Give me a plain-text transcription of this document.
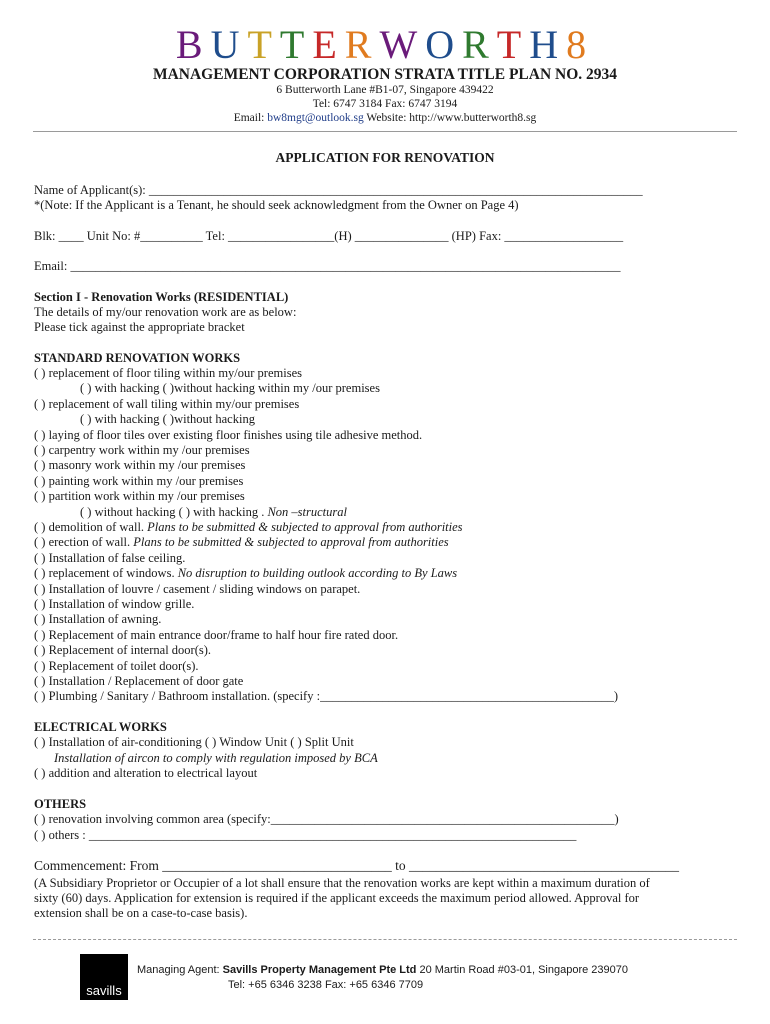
BUTTERWORTH8
MANAGEMENT CORPORATION STRATA TITLE PLAN NO. 2934
6 Butterworth Lane #B1-07, Singapore 439422
Tel: 6747 3184 Fax: 6747 3194
Email: bw8mgt@outlook.sg Website: http://www.butterworth8.sg
APPLICATION FOR RENOVATION
Name of Applicant(s): _______________________________________________________________________________
*(Note: If the Applicant is a Tenant, he should seek acknowledgment from the Owner on Page 4)
Blk: ____ Unit No: #__________ Tel: _________________(H) _______________ (HP) Fax: ___________________
Email: ________________________________________________________________________________________
Section I - Renovation Works (RESIDENTIAL)
The details of my/our renovation work are as below:
Please tick against the appropriate bracket
STANDARD RENOVATION WORKS
( ) replacement of floor tiling within my/our premises
( ) with hacking ( )without hacking within my /our premises
( ) replacement of wall tiling within my/our premises
( ) with hacking ( )without hacking
( ) laying of floor tiles over existing floor finishes using tile adhesive method.
( ) carpentry work within my /our premises
( ) masonry work within my /our premises
( ) painting work within my /our premises
( ) partition work within my /our premises
( ) without hacking ( ) with hacking . Non –structural
( ) demolition of wall. Plans to be submitted & subjected to approval from authorities
( ) erection of wall. Plans to be submitted & subjected to approval from authorities
( ) Installation of false ceiling.
( ) replacement of windows. No disruption to building outlook according to By Laws
( ) Installation of louvre / casement / sliding windows on parapet.
( ) Installation of window grille.
( ) Installation of awning.
( ) Replacement of main entrance door/frame to half hour fire rated door.
( ) Replacement of internal door(s).
( ) Replacement of toilet door(s).
( ) Installation / Replacement of door gate
( ) Plumbing / Sanitary / Bathroom installation. (specify :_______________________________________________)
ELECTRICAL WORKS
( ) Installation of air-conditioning ( ) Window Unit ( ) Split Unit
Installation of aircon to comply with regulation imposed by BCA
( ) addition and alteration to electrical layout
OTHERS
( ) renovation involving common area (specify:_______________________________________________________)
( ) others : ______________________________________________________________________________
Commencement: From __________________________________ to ________________________________________
(A Subsidiary Proprietor or Occupier of a lot shall ensure that the renovation works are kept within a maximum duration of
sixty (60) days. Application for extension is required if the applicant exceeds the maximum period allowed. Approval for
extension shall be on a case-to-case basis).
savills
Managing Agent: Savills Property Management Pte Ltd 20 Martin Road #03-01, Singapore 239070
Tel: +65 6346 3238 Fax: +65 6346 7709
